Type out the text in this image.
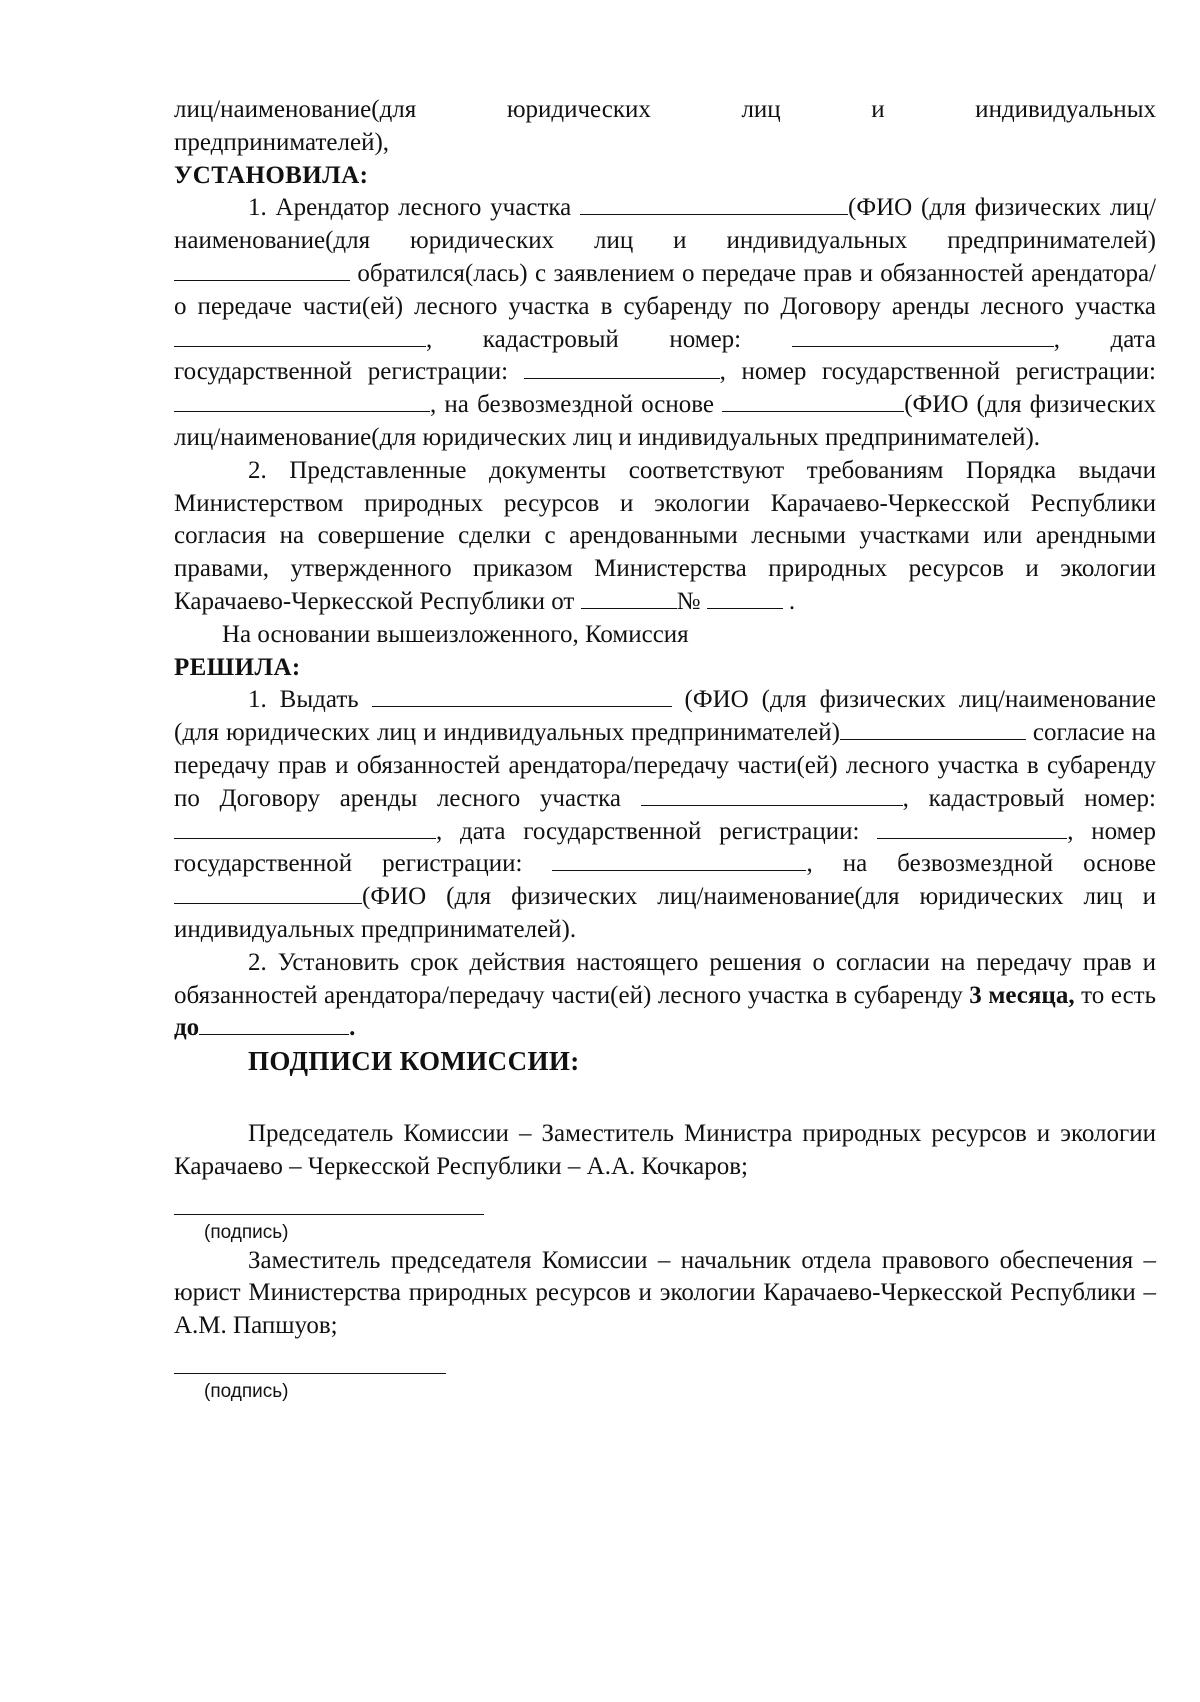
лиц/наименование(для юридических лиц и индивидуальных

предпринимателей),

УСТАНОВИЛА:

1. Арендатор лесного участка	(ФИО (для физических лиц/наименование(для юридических лиц и индивидуальных предпринимателей) обратился(лась) с заявлением о передаче прав и обязанностей арендатора/о передаче части(ей) лесного участка в субаренду по Договору аренды лесного участка , кадастровый номер:	, дата государственной регистрации:	, номер государственной регистрации: , на безвозмездной основе	(ФИО (для физических лиц/наименование(для юридических лиц и индивидуальных предпринимателей).

2. Представленные документы соответствуют требованиям Порядка выдачи Министерством природных ресурсов и экологии Карачаево-Черкесской Республики согласия на совершение сделки с арендованными лесными участками или арендными правами, утвержденного приказом Министерства природных ресурсов и экологии Карачаево-Черкесской Республики от	№	.

На основании вышеизложенного, Комиссия

РЕШИЛА:

1. Выдать	(ФИО (для физических лиц/наименование (для юридических лиц и индивидуальных предпринимателей)	согласие на передачу прав и обязанностей арендатора/передачу части(ей) лесного участка в субаренду по Договору аренды лесного участка	, кадастровый номер: , дата государственной регистрации:	, номер государственной регистрации:	, на безвозмездной основе (ФИО (для физических лиц/наименование(для юридических лиц и индивидуальных предпринимателей).

2. Установить срок действия настоящего решения о согласии на передачу прав и обязанностей арендатора/передачу части(ей) лесного участка в субаренду 3 месяца, то есть до	.

ПОДПИСИ КОМИССИИ:

Председатель Комиссии – Заместитель Министра природных ресурсов и экологии Карачаево – Черкесской Республики – А.А. Кочкаров;

(подпись)

Заместитель председателя Комиссии – начальник отдела правового обеспечения – юрист Министерства природных ресурсов и экологии Карачаево-Черкесской Республики – А.М. Папшуов;

(подпись)
